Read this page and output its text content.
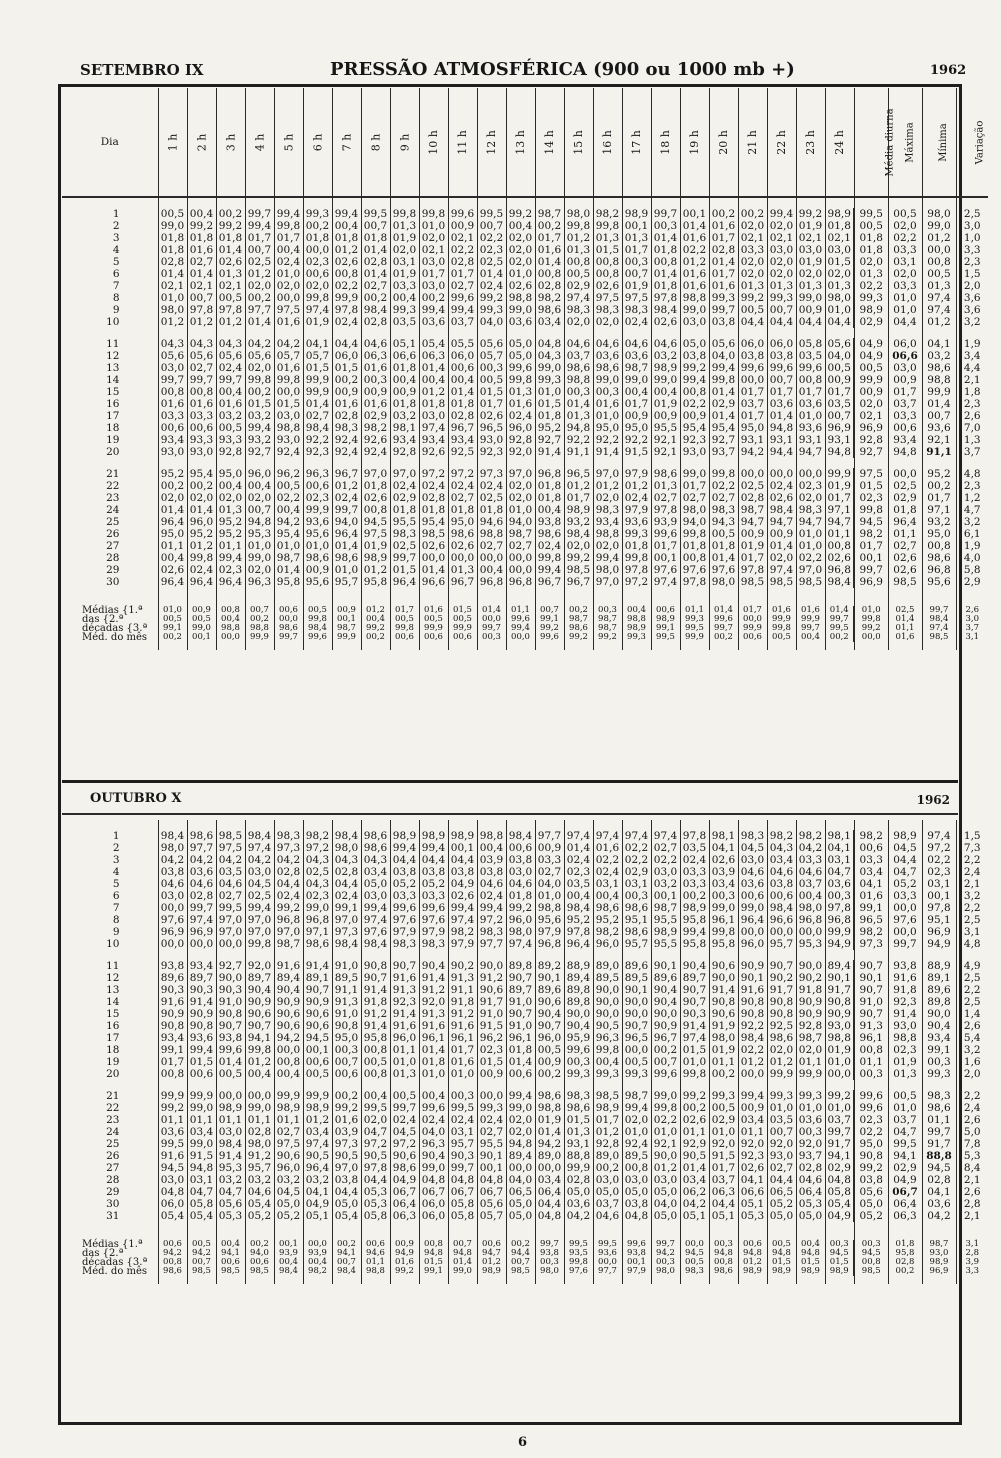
SETEMBRO IX	PRESSÃO ATMOSFÉRICA (900 ou 1000 mb +)	1962
Dia	1 h	2 h	3 h	4 h	5 h	6 h	7 h	8 h	9 h	10 h	11 h	12 h	13 h	14 h	15 h	16 h	17 h	18 h	19 h	20 h	21 h	22 h	23 h	24 h	Média diurna	Máxima	Mínima	Variação

1	00,5	00,4	00,2	99,7	99,4	99,3	99,4	99,5	99,8	99,8	99,6	99,5	99,2	98,7	98,0	98,2	98,9	99,7	00,1	00,2	00,2	99,4	99,2	98,9	99,5	00,5	98,0	2,5
2	99,0	99,2	99,2	99,4	99,8	00,2	00,4	00,7	01,3	01,0	00,9	00,7	00,4	00,2	99,8	99,8	00,1	00,3	01,4	01,6	02,0	02,0	01,9	01,8	00,5	02,0	99,0	3,0
3	01,8	01,8	01,8	01,7	01,7	01,8	01,8	01,8	01,9	02,0	02,1	02,2	02,0	01,7	01,2	01,3	01,3	01,4	01,6	01,7	02,1	02,1	02,1	02,1	01,8	02,2	01,2	1,0
4	01,8	01,6	01,4	00,7	00,4	00,0	01,2	01,4	02,0	02,1	02,2	02,3	02,0	01,6	01,3	01,5	01,7	01,8	02,2	02,8	03,3	03,0	03,0	03,0	01,8	03,3	00,0	3,3
5	02,8	02,7	02,6	02,5	02,4	02,3	02,6	02,8	03,1	03,0	02,8	02,5	02,0	01,4	00,8	00,8	00,3	00,8	01,2	01,4	02,0	02,0	01,9	01,5	02,0	03,1	00,8	2,3
6	01,4	01,4	01,3	01,2	01,0	00,6	00,8	01,4	01,9	01,7	01,7	01,4	01,0	00,8	00,5	00,8	00,7	01,4	01,6	01,7	02,0	02,0	02,0	02,0	01,3	02,0	00,5	1,5
7	02,1	02,1	02,1	02,0	02,0	02,0	02,2	02,7	03,3	03,0	02,7	02,4	02,6	02,8	02,9	02,6	01,9	01,8	01,6	01,6	01,3	01,3	01,3	01,3	02,2	03,3	01,3	2,0
8	01,0	00,7	00,5	00,2	00,0	99,8	99,9	00,2	00,4	00,2	99,6	99,2	98,8	98,2	97,4	97,5	97,5	97,8	98,8	99,3	99,2	99,3	99,0	98,0	99,3	01,0	97,4	3,6
9	98,0	97,8	97,8	97,7	97,5	97,4	97,8	98,4	99,3	99,4	99,4	99,3	99,0	98,6	98,3	98,3	98,3	98,4	99,0	99,7	00,5	00,7	00,9	01,0	98,9	01,0	97,4	3,6
10	01,2	01,2	01,2	01,4	01,6	01,9	02,4	02,8	03,5	03,6	03,7	04,0	03,6	03,4	02,0	02,0	02,4	02,6	03,0	03,8	04,4	04,4	04,4	04,4	02,9	04,4	01,2	3,2

11	04,3	04,3	04,3	04,2	04,2	04,1	04,4	04,6	05,1	05,4	05,5	05,6	05,0	04,8	04,6	04,6	04,6	04,6	05,0	05,6	06,0	06,0	05,8	05,6	04,9	06,0	04,1	1,9
12	05,6	05,6	05,6	05,6	05,7	05,7	06,0	06,3	06,6	06,3	06,0	05,7	05,0	04,3	03,7	03,6	03,6	03,2	03,8	04,0	03,8	03,8	03,5	04,0	04,9	06,6	03,2	3,4
13	03,0	02,7	02,4	02,0	01,6	01,5	01,5	01,6	01,8	01,4	00,6	00,3	99,6	99,0	98,6	98,6	98,7	98,9	99,2	99,4	99,6	99,6	99,6	00,5	00,5	03,0	98,6	4,4
14	99,7	99,7	99,7	99,8	99,8	99,9	00,2	00,3	00,4	00,4	00,4	00,5	99,8	99,3	98,8	99,0	99,0	99,0	99,4	99,8	00,0	00,7	00,8	00,9	99,9	00,9	98,8	2,1
15	00,8	00,8	00,4	00,2	00,0	99,9	00,9	00,9	00,9	01,2	01,4	01,5	01,3	01,0	00,3	00,3	00,4	00,4	00,8	01,4	01,7	01,7	01,7	01,7	00,9	01,7	99,9	1,8
16	01,6	01,6	01,6	01,5	01,5	01,4	01,6	01,6	01,8	01,8	01,8	01,7	01,6	01,5	01,4	01,6	01,7	01,9	02,2	02,9	03,7	03,6	03,6	03,5	02,0	03,7	01,4	2,3
17	03,3	03,3	03,2	03,2	03,0	02,7	02,8	02,9	03,2	03,0	02,8	02,6	02,4	01,8	01,3	01,0	00,9	00,9	00,9	01,4	01,7	01,4	01,0	00,7	02,1	03,3	00,7	2,6
18	00,6	00,6	00,5	99,4	98,8	98,4	98,3	98,2	98,1	97,4	96,7	96,5	96,0	95,2	94,8	95,0	95,0	95,5	95,4	95,4	95,0	94,8	93,6	96,9	96,9	00,6	93,6	7,0
19	93,4	93,3	93,3	93,2	93,0	92,2	92,4	92,6	93,4	93,4	93,4	93,0	92,8	92,7	92,2	92,2	92,2	92,1	92,3	92,7	93,1	93,1	93,1	93,1	92,8	93,4	92,1	1,3
20	93,0	93,0	92,8	92,7	92,4	92,3	92,4	92,4	92,8	92,6	92,5	92,3	92,0	91,4	91,1	91,4	91,5	92,1	93,0	93,7	94,2	94,4	94,7	94,8	92,7	94,8	91,1	3,7

21	95,2	95,4	95,0	96,0	96,2	96,3	96,7	97,0	97,0	97,2	97,2	97,3	97,0	96,8	96,5	97,0	97,9	98,6	99,0	99,8	00,0	00,0	00,0	99,9	97,5	00,0	95,2	4,8
22	00,2	00,2	00,4	00,4	00,5	00,6	01,2	01,8	02,4	02,4	02,4	02,4	02,0	01,8	01,2	01,2	01,2	01,3	01,7	02,2	02,5	02,4	02,3	01,9	01,5	02,5	00,2	2,3
23	02,0	02,0	02,0	02,0	02,2	02,3	02,4	02,6	02,9	02,8	02,7	02,5	02,0	01,8	01,7	02,0	02,4	02,7	02,7	02,7	02,8	02,6	02,0	01,7	02,3	02,9	01,7	1,2
24	01,4	01,4	01,3	00,7	00,4	99,9	99,7	00,8	01,8	01,8	01,8	01,8	01,0	00,4	98,9	98,3	97,9	97,8	98,0	98,3	98,7	98,4	98,3	97,1	99,8	01,8	97,1	4,7
25	96,4	96,0	95,2	94,8	94,2	93,6	94,0	94,5	95,5	95,4	95,0	94,6	94,0	93,8	93,2	93,4	93,6	93,9	94,0	94,3	94,7	94,7	94,7	94,7	94,5	96,4	93,2	3,2
26	95,0	95,2	95,2	95,3	95,4	95,6	96,4	97,5	98,3	98,5	98,6	98,8	98,7	98,6	98,4	98,8	99,3	99,6	99,8	00,5	00,9	00,9	01,0	01,1	98,2	01,1	95,0	6,1
27	01,1	01,2	01,1	01,0	01,0	01,0	01,4	01,9	02,5	02,6	02,6	02,7	02,7	02,4	02,0	02,0	01,8	01,7	01,8	01,8	01,9	01,4	01,0	00,8	01,7	02,7	00,8	1,9
28	00,4	99,8	99,4	99,0	98,7	98,6	98,6	98,9	99,7	00,0	00,0	00,0	00,0	99,8	99,2	99,4	99,8	00,1	00,8	01,4	01,7	02,0	02,2	02,6	00,1	02,6	98,6	4,0
29	02,6	02,4	02,3	02,0	01,4	00,9	01,0	01,2	01,5	01,4	01,3	00,4	00,0	99,4	98,5	98,0	97,8	97,6	97,6	97,6	97,8	97,4	97,0	96,8	99,7	02,6	96,8	5,8
30	96,4	96,4	96,4	96,3	95,8	95,6	95,7	95,8	96,4	96,6	96,7	96,8	96,8	96,7	96,7	97,0	97,2	97,4	97,8	98,0	98,5	98,5	98,5	98,4	96,9	98,5	95,6	2,9

Médias {1.ª	01,0	00,9	00,8	00,7	00,6	00,5	00,9	01,2	01,7	01,6	01,5	01,4	01,1	00,7	00,2	00,3	00,4	00,6	01,1	01,4	01,7	01,6	01,6	01,4	01,0	02,5	99,7	2,6
das {2.ª	00,5	00,5	00,4	00,2	00,0	99,8	00,1	00,4	00,5	00,5	00,5	00,0	99,6	99,1	98,7	98,7	98,8	98,9	99,3	99,6	00,0	99,9	99,9	99,7	99,8	01,4	98,4	3,0
décadas {3.ª	99,1	99,0	98,8	98,8	98,6	98,4	98,7	99,2	99,8	99,9	99,9	99,7	99,4	99,2	98,6	98,7	98,9	99,1	99,5	99,7	99,9	99,8	99,7	99,5	99,2	01,1	97,4	3,7
Méd. do mês	00,2	00,1	00,0	99,9	99,7	99,6	99,9	00,2	00,6	00,6	00,6	00,3	00,0	99,6	99,2	99,2	99,3	99,5	99,9	00,2	00,6	00,5	00,4	00,2	00,0	01,6	98,5	3,1

OUTUBRO X	1962

1	98,4	98,6	98,5	98,4	98,3	98,2	98,4	98,6	98,9	98,9	98,9	98,8	98,4	97,7	97,4	97,4	97,4	97,4	97,8	98,1	98,3	98,2	98,2	98,1	98,2	98,9	97,4	1,5
2	98,0	97,7	97,5	97,4	97,3	97,2	98,0	98,6	99,4	99,4	00,1	00,4	00,6	00,9	01,4	01,6	02,2	02,7	03,5	04,1	04,5	04,3	04,2	04,1	00,6	04,5	97,2	7,3
3	04,2	04,2	04,2	04,2	04,2	04,3	04,3	04,3	04,4	04,4	04,4	03,9	03,8	03,3	02,4	02,2	02,2	02,2	02,4	02,6	03,0	03,4	03,3	03,1	03,3	04,4	02,2	2,2
4	03,8	03,6	03,5	03,0	02,8	02,5	02,8	03,4	03,8	03,8	03,8	03,8	03,0	02,7	02,3	02,4	02,9	03,0	03,3	03,9	04,6	04,6	04,6	04,7	03,4	04,7	02,3	2,4
5	04,6	04,6	04,6	04,5	04,4	04,3	04,4	05,0	05,2	05,2	04,9	04,6	04,6	04,0	03,5	03,1	03,1	03,2	03,3	03,4	03,6	03,8	03,7	03,6	04,1	05,2	03,1	2,1
6	03,0	02,8	02,7	02,5	02,4	02,3	02,4	03,0	03,3	03,3	02,6	02,4	01,8	01,0	00,4	00,4	00,3	00,1	00,2	00,3	00,6	00,6	00,4	00,3	01,6	03,3	00,1	3,2
7	00,0	99,7	99,5	99,4	99,2	99,0	99,1	99,4	99,6	99,6	99,4	99,4	99,2	98,8	98,4	98,6	98,6	98,7	98,9	99,0	99,0	98,4	98,0	97,8	99,1	00,0	97,8	2,2
8	97,6	97,4	97,0	97,0	96,8	96,8	97,0	97,4	97,6	97,6	97,4	97,2	96,0	95,6	95,2	95,2	95,1	95,5	95,8	96,1	96,4	96,6	96,8	96,8	96,5	97,6	95,1	2,5
9	96,9	96,9	97,0	97,0	97,0	97,1	97,3	97,6	97,9	97,9	98,2	98,3	98,0	97,9	97,8	98,2	98,6	98,9	99,4	99,8	00,0	00,0	00,0	99,9	98,2	00,0	96,9	3,1
10	00,0	00,0	00,0	99,8	98,7	98,6	98,4	98,4	98,3	98,3	97,9	97,7	97,4	96,8	96,4	96,0	95,7	95,5	95,8	95,8	96,0	95,7	95,3	94,9	97,3	99,7	94,9	4,8

11	93,8	93,4	92,7	92,0	91,6	91,4	91,0	90,8	90,7	90,4	90,2	90,0	89,8	89,2	88,9	89,0	89,6	90,1	90,4	90,6	90,9	90,7	90,0	89,4	90,7	93,8	88,9	4,9
12	89,6	89,7	90,0	89,7	89,4	89,1	89,5	90,7	91,6	91,4	91,3	91,2	90,7	90,1	89,4	89,5	89,5	89,6	89,7	90,0	90,1	90,2	90,2	90,1	90,1	91,6	89,1	2,5
13	90,3	90,3	90,3	90,4	90,4	90,7	91,1	91,4	91,3	91,2	91,1	90,6	89,7	89,6	89,8	90,0	90,1	90,4	90,7	91,4	91,6	91,7	91,8	91,7	90,7	91,8	89,6	2,2
14	91,6	91,4	91,0	90,9	90,9	90,9	91,3	91,8	92,3	92,0	91,8	91,7	91,0	90,6	89,8	90,0	90,0	90,4	90,7	90,8	90,8	90,8	90,9	90,8	91,0	92,3	89,8	2,5
15	90,9	90,9	90,8	90,6	90,6	90,6	91,0	91,2	91,4	91,3	91,2	91,0	90,7	90,4	90,0	90,0	90,0	90,0	90,3	90,6	90,8	90,8	90,9	90,9	90,7	91,4	90,0	1,4
16	90,8	90,8	90,7	90,7	90,6	90,6	90,8	91,4	91,6	91,6	91,6	91,5	91,0	90,7	90,4	90,5	90,7	90,9	91,4	91,9	92,2	92,5	92,8	93,0	91,3	93,0	90,4	2,6
17	93,4	93,6	93,8	94,1	94,2	94,5	95,0	95,8	96,0	96,1	96,1	96,2	96,1	96,0	95,9	96,3	96,5	96,7	97,4	98,0	98,4	98,6	98,7	98,8	96,1	98,8	93,4	5,4
18	99,1	99,4	99,6	99,8	00,0	00,1	00,3	00,8	01,1	01,4	01,7	02,3	01,8	00,5	99,6	99,8	00,0	00,2	01,5	01,9	02,2	02,0	02,0	01,9	00,8	02,3	99,1	3,2
19	01,7	01,5	01,4	01,2	00,8	00,6	00,7	00,5	01,0	01,8	01,6	01,5	01,4	00,9	00,3	00,4	00,5	00,7	01,0	01,1	01,2	01,2	01,1	01,0	01,1	01,9	00,3	1,6
20	00,8	00,6	00,5	00,4	00,4	00,5	00,6	00,8	01,3	01,0	01,0	00,9	00,6	00,2	99,3	99,3	99,3	99,6	99,8	00,2	00,0	99,9	99,9	00,0	00,3	01,3	99,3	2,0

21	99,9	99,9	00,0	00,0	99,9	99,9	00,2	00,4	00,5	00,4	00,3	00,0	99,4	98,6	98,3	98,5	98,7	99,0	99,2	99,3	99,4	99,3	99,3	99,2	99,6	00,5	98,3	2,2
22	99,2	99,0	98,9	99,0	98,9	98,9	99,2	99,5	99,7	99,6	99,5	99,3	99,0	98,8	98,6	98,9	99,4	99,8	00,2	00,5	00,9	01,0	01,0	01,0	99,6	01,0	98,6	2,4
23	01,1	01,1	01,1	01,1	01,1	01,2	01,6	02,0	02,4	02,4	02,4	02,4	02,0	01,9	01,5	01,7	02,0	02,2	02,6	02,9	03,4	03,5	03,6	03,7	02,3	03,7	01,1	2,6
24	03,6	03,4	03,0	02,8	02,7	03,4	03,9	04,7	04,5	04,0	03,1	02,7	02,0	01,4	01,3	01,2	01,0	01,0	01,1	01,0	01,1	00,7	00,3	99,7	02,2	04,7	99,7	5,0
25	99,5	99,0	98,4	98,0	97,5	97,4	97,3	97,2	97,2	96,3	95,7	95,5	94,8	94,2	93,1	92,8	92,4	92,1	92,9	92,0	92,0	92,0	92,0	91,7	95,0	99,5	91,7	7,8
26	91,6	91,5	91,4	91,2	90,6	90,5	90,5	90,5	90,6	90,4	90,3	90,1	89,4	89,0	88,8	89,0	89,5	90,0	90,5	91,5	92,3	93,0	93,7	94,1	90,8	94,1	88,8	5,3
27	94,5	94,8	95,3	95,7	96,0	96,4	97,0	97,8	98,6	99,0	99,7	00,1	00,0	00,0	99,9	00,2	00,8	01,2	01,4	01,7	02,6	02,7	02,8	02,9	99,2	02,9	94,5	8,4
28	03,0	03,1	03,2	03,2	03,2	03,2	03,8	04,4	04,9	04,8	04,8	04,8	04,0	03,4	02,8	03,0	03,0	03,0	03,4	03,7	04,1	04,4	04,6	04,8	03,8	04,9	02,8	2,1
29	04,8	04,7	04,7	04,6	04,5	04,1	04,4	05,3	06,7	06,7	06,7	06,7	06,5	06,4	05,0	05,0	05,0	05,0	06,2	06,3	06,6	06,5	06,4	05,8	05,6	06,7	04,1	2,6
30	06,0	05,8	05,6	05,4	05,0	04,9	05,0	05,3	06,4	06,0	05,8	05,6	05,0	04,4	03,6	03,7	03,8	04,0	04,2	04,4	05,1	05,2	05,3	05,4	05,0	06,4	03,6	2,8
31	05,4	05,4	05,3	05,2	05,2	05,1	05,4	05,8	06,3	06,0	05,8	05,7	05,0	04,8	04,2	04,6	04,8	05,0	05,1	05,1	05,3	05,0	05,0	04,9	05,2	06,3	04,2	2,1

Médias {1.ª	00,6	00,5	00,4	00,2	00,1	00,0	00,2	00,6	00,9	00,8	00,7	00,6	00,2	99,7	99,5	99,5	99,6	99,7	00,0	00,3	00,6	00,5	00,4	00,3	00,3	01,8	98,7	3,1
das {2.ª	94,2	94,2	94,1	94,0	93,9	93,9	94,1	94,6	94,9	94,8	94,8	94,7	94,4	93,8	93,5	93,6	93,8	94,2	94,5	94,8	94,8	94,8	94,8	94,5	94,5	95,8	93,0	2,8
décadas {3.ª	00,8	00,7	00,6	00,6	00,4	00,4	00,7	01,1	01,6	01,5	01,4	01,2	00,7	00,3	99,8	00,0	00,1	00,3	00,5	00,8	01,2	01,5	01,5	01,5	00,8	02,8	98,9	3,9
Méd. do mês	98,6	98,5	98,5	98,5	98,4	98,2	98,4	98,8	99,2	99,1	99,0	98,9	98,5	98,0	97,6	97,7	97,9	98,0	98,3	98,6	98,9	98,9	98,9	98,9	98,5	00,2	96,9	3,3

6
